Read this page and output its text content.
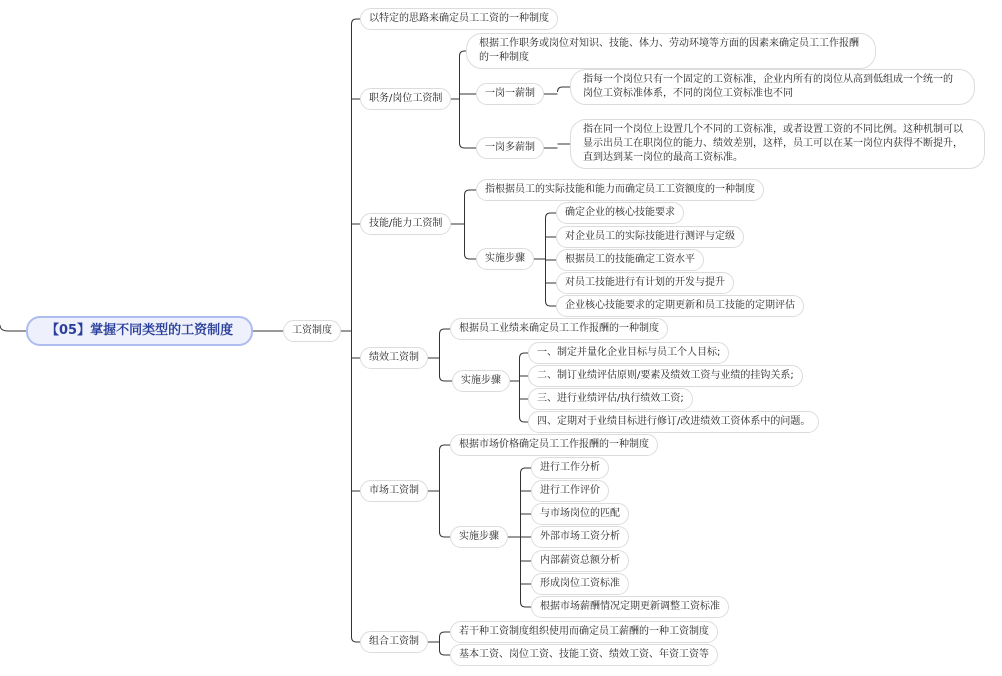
【05】掌握不同类型的工资制度	工资制度
以特定的思路来确定员工工资的一种制度
职务/岗位工资制
根据工作职务或岗位对知识、技能、体力、劳动环境等方面的因素来确定员工工作报酬的一种制度
一岗一薪制
指每一个岗位只有一个固定的工资标准，企业内所有的岗位从高到低组成一个统一的岗位工资标准体系，不同的岗位工资标准也不同
一岗多薪制
指在同一个岗位上设置几个不同的工资标准，或者设置工资的不同比例。这种机制可以显示出员工在职岗位的能力、绩效差别，这样，员工可以在某一岗位内获得不断提升，直到达到某一岗位的最高工资标准。
技能/能力工资制
指根据员工的实际技能和能力而确定员工工资额度的一种制度
实施步骤
确定企业的核心技能要求
对企业员工的实际技能进行测评与定级
根据员工的技能确定工资水平
对员工技能进行有计划的开发与提升
企业核心技能要求的定期更新和员工技能的定期评估
绩效工资制
根据员工业绩来确定员工工作报酬的一种制度
实施步骤
一、制定并量化企业目标与员工个人目标;
二、制订业绩评估原则/要素及绩效工资与业绩的挂钩关系;
三、进行业绩评估/执行绩效工资;
四、定期对于业绩目标进行修订/改进绩效工资体系中的问题。
市场工资制
根据市场价格确定员工工作报酬的一种制度
实施步骤
进行工作分析
进行工作评价
与市场岗位的匹配
外部市场工资分析
内部薪资总额分析
形成岗位工资标准
根据市场薪酬情况定期更新调整工资标准
组合工资制
若干种工资制度组织使用而确定员工薪酬的一种工资制度
基本工资、岗位工资、技能工资、绩效工资、年资工资等
